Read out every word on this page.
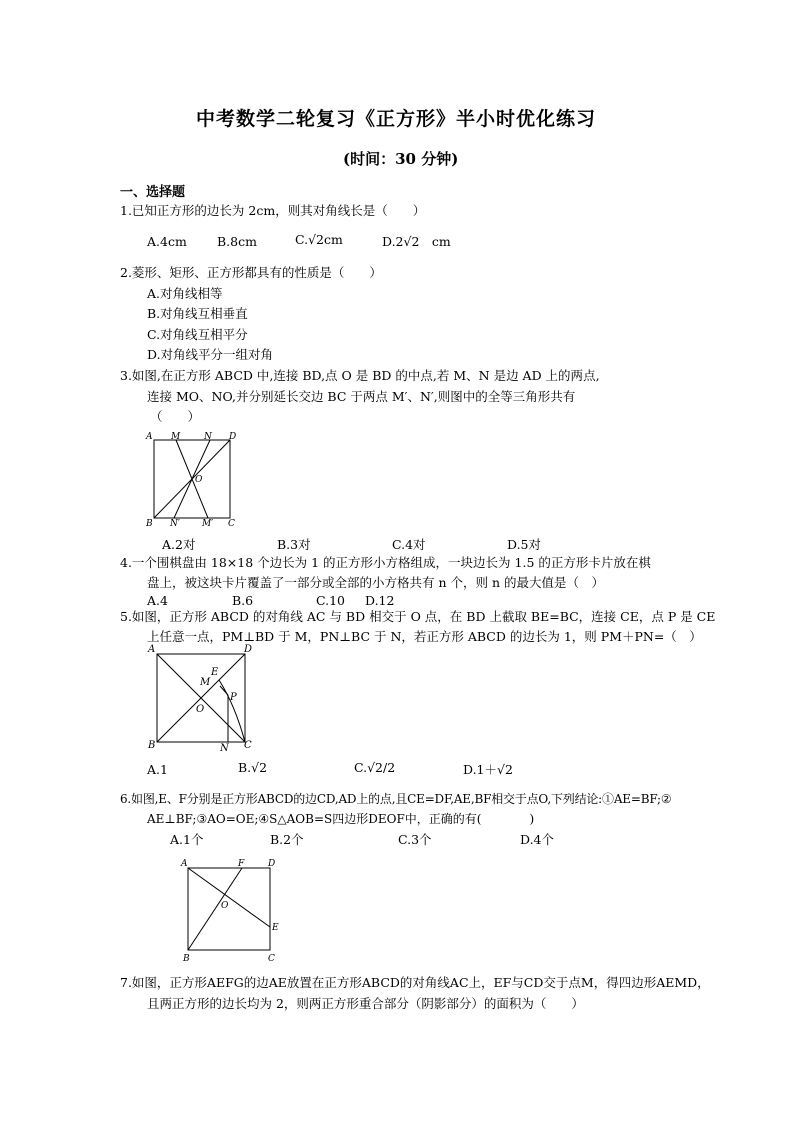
中考数学二轮复习《正方形》半小时优化练习
(时间：30 分钟)
一、选择题
1.已知正方形的边长为 2cm，则其对角线长是（　　）
A.4cm B.8cm	C.√2cm	D.2√2　cm
2.菱形、矩形、正方形都具有的性质是（　　）
A.对角线相等
B.对角线互相垂直
C.对角线互相平分
D.对角线平分一组对角
3.如图,在正方形 ABCD 中,连接 BD,点 O 是 BD 的中点,若 M、N 是边 AD 上的两点,
连接 MO、NO,并分别延长交边 BC 于两点 M′、N′,则图中的全等三角形共有
（　　）
A M	N D
O
B N′ M′ C
A.2对	B.3对	C.4对	D.5对
4.一个围棋盘由 18×18 个边长为 1 的正方形小方格组成，一块边长为 1.5 的正方形卡片放在棋
盘上，被这块卡片覆盖了一部分或全部的小方格共有 n 个，则 n 的最大值是（　）
A.4	B.6	C.10 D.12
5.如图，正方形 ABCD 的对角线 AC 与 BD 相交于 O 点，在 BD 上截取 BE=BC，连接 CE，点 P 是 CE
上任意一点，PM⊥BD 于 M，PN⊥BC 于 N，若正方形 ABCD 的边长为 1，则 PM＋PN=（　）
A	D
E
M
P
O
B	N C
A.1	B.√2	C.√2/2	D.1＋√2
6.如图,E、F分别是正方形ABCD的边CD,AD上的点,且CE=DF,AE,BF相交于点O,下列结论:①AE=BF;②
AE⊥BF;③AO=OE;④S△AOB=S四边形DEOF中，正确的有(　　　　)
A.1个	B.2个	C.3个	D.4个
A	F	D
O
E
B	C
7.如图，正方形AEFG的边AE放置在正方形ABCD的对角线AC上，EF与CD交于点M，得四边形AEMD，
且两正方形的边长均为 2，则两正方形重合部分（阴影部分）的面积为（　　）
